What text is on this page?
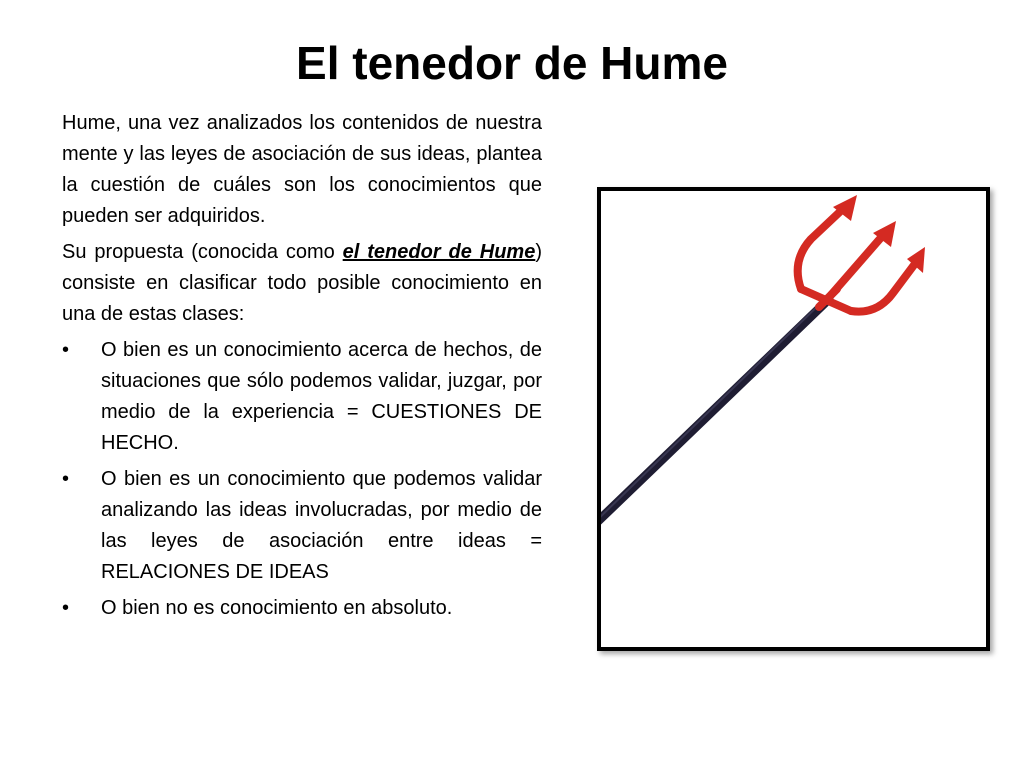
El tenedor de Hume

Hume, una vez analizados los contenidos de nuestra mente y las leyes de asociación de sus ideas, plantea la cuestión de cuáles son los conocimientos que pueden ser adquiridos.

Su propuesta (conocida como el tenedor de Hume) consiste en clasificar todo posible conocimiento en una de estas clases:

• O bien es un conocimiento acerca de hechos, de situaciones que sólo podemos validar, juzgar, por medio de la experiencia = CUESTIONES DE HECHO.
• O bien es un conocimiento que podemos validar analizando las ideas involucradas, por medio de las leyes de asociación entre ideas = RELACIONES DE IDEAS
• O bien no es conocimiento en absoluto.
